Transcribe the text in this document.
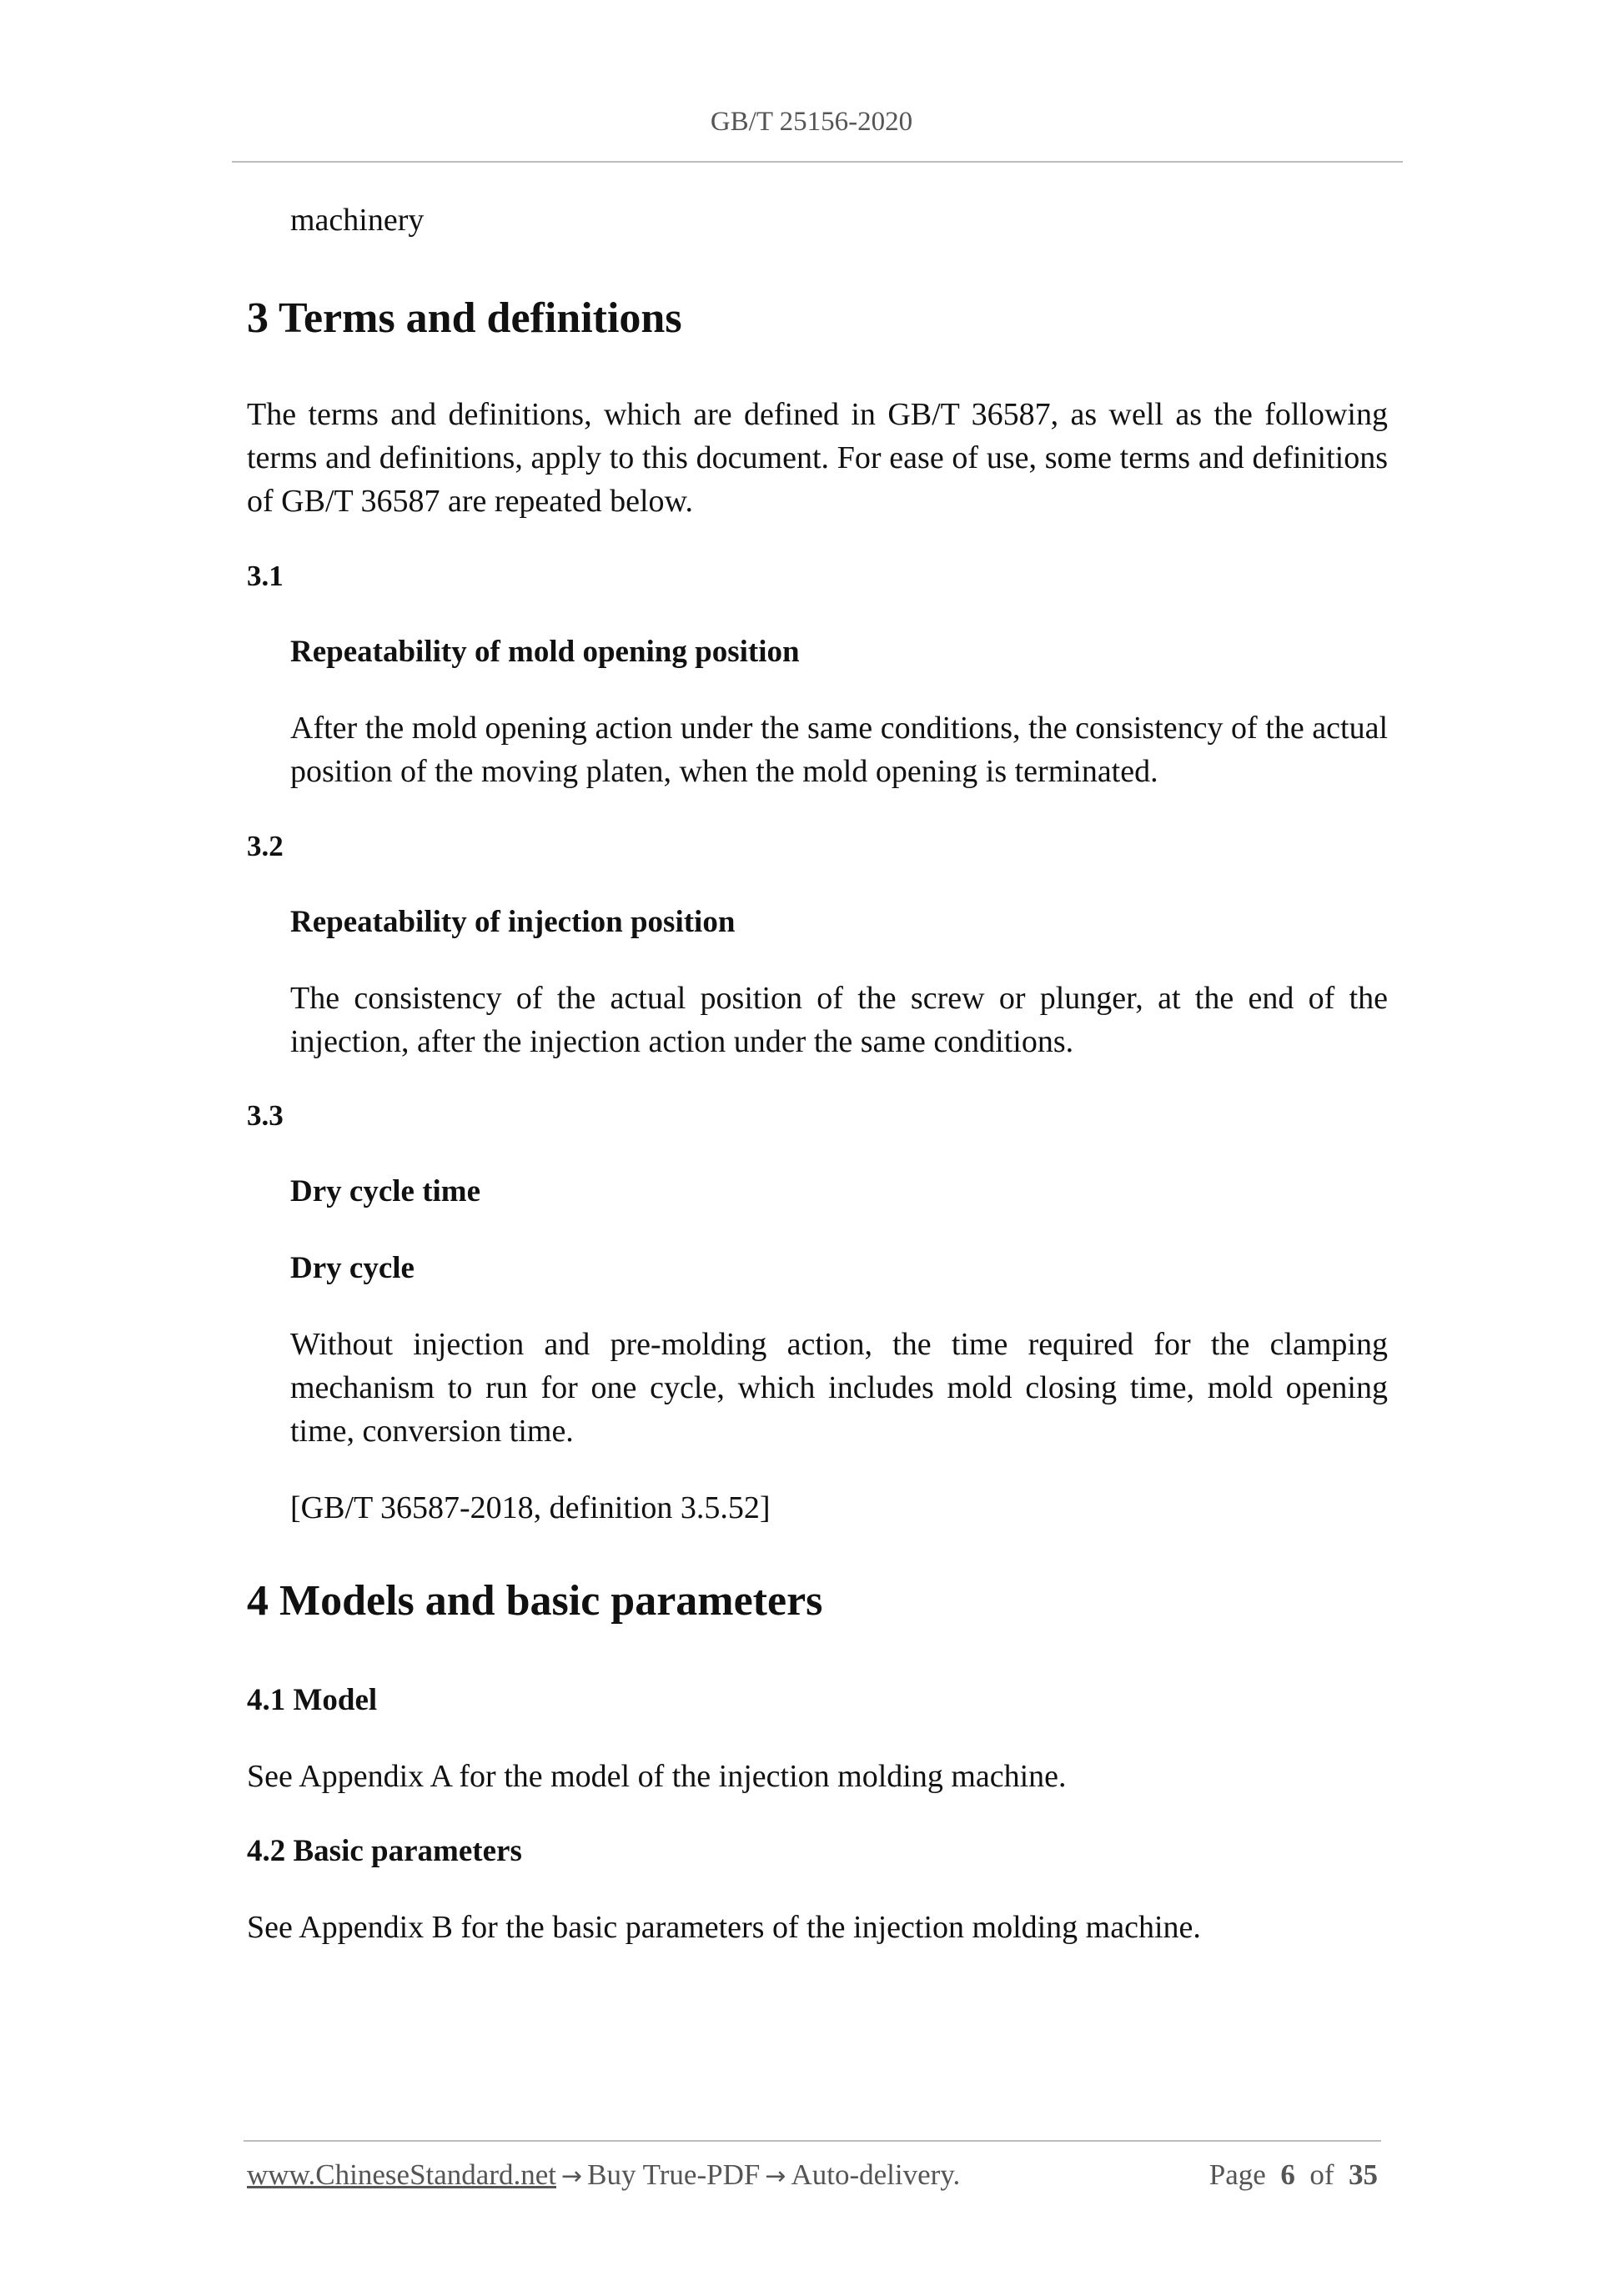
GB/T 25156-2020
machinery
3 Terms and definitions
The terms and definitions, which are defined in GB/T 36587, as well as the following terms and definitions, apply to this document. For ease of use, some terms and definitions of GB/T 36587 are repeated below.
3.1
Repeatability of mold opening position
After the mold opening action under the same conditions, the consistency of the actual position of the moving platen, when the mold opening is terminated.
3.2
Repeatability of injection position
The consistency of the actual position of the screw or plunger, at the end of the injection, after the injection action under the same conditions.
3.3
Dry cycle time
Dry cycle
Without injection and pre-molding action, the time required for the clamping mechanism to run for one cycle, which includes mold closing time, mold opening time, conversion time.
[GB/T 36587-2018, definition 3.5.52]
4 Models and basic parameters
4.1 Model
See Appendix A for the model of the injection molding machine.
4.2 Basic parameters
See Appendix B for the basic parameters of the injection molding machine.
www.ChineseStandard.net → Buy True-PDF → Auto-delivery.	Page 6 of 35
